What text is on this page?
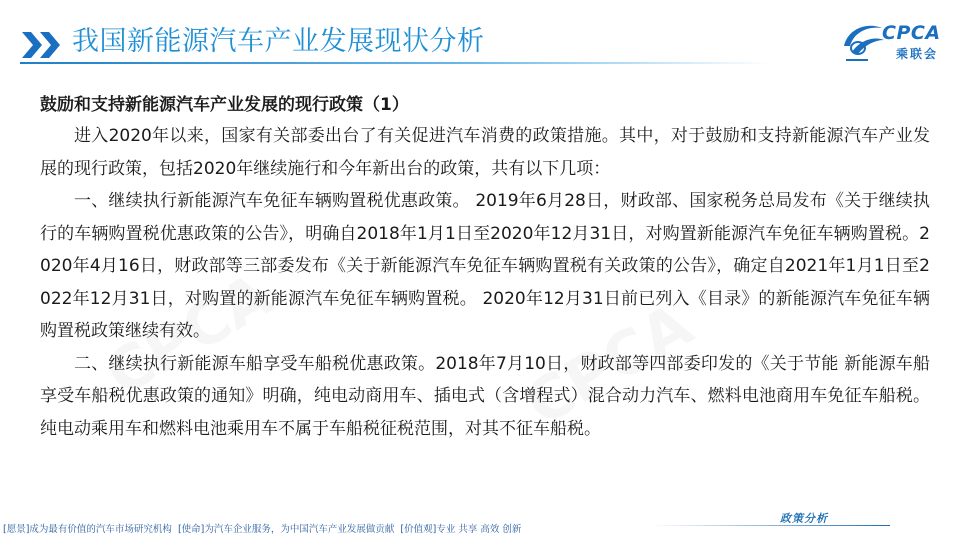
我国新能源汽车产业发展现状分析	CPCA
乘联会
鼓励和支持新能源汽车产业发展的现行政策（1）

进入2020年以来，国家有关部委出台了有关促进汽车消费的政策措施。其中，对于鼓励和支持新能源汽车产业发展的现行政策，包括2020年继续施行和今年新出台的政策，共有以下几项：

一、继续执行新能源汽车免征车辆购置税优惠政策。 2019年6月28日，财政部、国家税务总局发布《关于继续执行的车辆购置税优惠政策的公告》，明确自2018年1月1日至2020年12月31日，对购置新能源汽车免征车辆购置税。2020年4月16日，财政部等三部委发布《关于新能源汽车免征车辆购置税有关政策的公告》，确定自2021年1月1日至2022年12月31日，对购置的新能源汽车免征车辆购置税。 2020年12月31日前已列入《目录》的新能源汽车免征车辆购置税政策继续有效。

二、继续执行新能源车船享受车船税优惠政策。2018年7月10日，财政部等四部委印发的《关于节能 新能源车船享受车船税优惠政策的通知》明确，纯电动商用车、插电式（含增程式）混合动力汽车、燃料电池商用车免征车船税。纯电动乘用车和燃料电池乘用车不属于车船税征税范围，对其不征车船税。

政策分析
[愿景]成为最有价值的汽车市场研究机构 [使命]为汽车企业服务，为中国汽车产业发展做贡献 [价值观]专业 共享 高效 创新
